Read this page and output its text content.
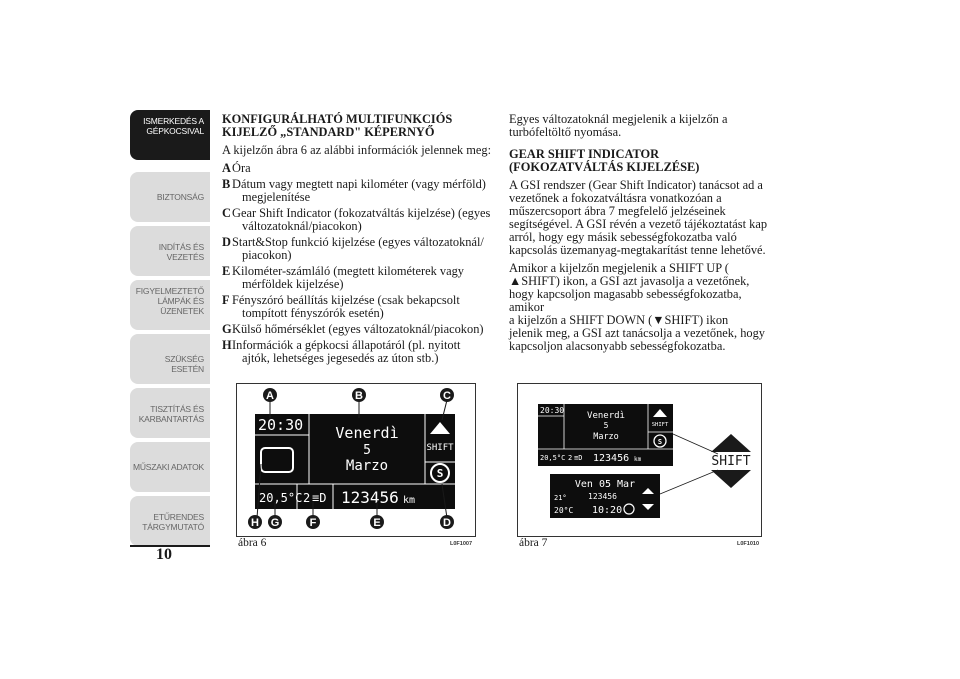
ISMERKEDÉS A
GÉPKOCSIVAL
BIZTONSÁG
INDÍTÁS ÉS
VEZETÉS
FIGYELMEZTETŐ
LÁMPÁK ÉS
ÜZENETEK
SZÜKSÉG ESETÉN
TISZTÍTÁS ÉS
KARBANTARTÁS
MŰSZAKI ADATOK
ETŰRENDES
TÁRGYMUTATÓ
10
KONFIGURÁLHATÓ MULTIFUNKCIÓS
KIJELZŐ „STANDARD" KÉPERNYŐ

A kijelzőn ábra 6 az alábbi információk jelennek meg:

A Óra
B Dátum vagy megtett napi kilométer (vagy mérföld)
megjelenítése
C Gear Shift Indicator (fokozatváltás kijelzése) (egyes
változatoknál/piacokon)
D Start&Stop funkció kijelzése (egyes változatoknál/
piacokon)
E Kilométer-számláló (megtett kilométerek vagy
mérföldek kijelzése)
F Fényszóró beállítás kijelzése (csak bekapcsolt
tompított fényszórók esetén)
G Külső hőmérséklet (egyes változatoknál/piacokon)
H Információk a gépkocsi állapotáról (pl. nyitott
ajtók, lehetséges jegesedés az úton stb.)

Egyes változatoknál megjelenik a kijelzőn a
turbófeltöltő nyomása.

GEAR SHIFT INDICATOR
(FOKOZATVÁLTÁS KIJELZÉSE)

A GSI rendszer (Gear Shift Indicator) tanácsot ad a
vezetőnek a fokozatváltásra vonatkozóan a
műszercsoport ábra 7 megfelelő jelzéseinek
segítségével. A GSI révén a vezető tájékoztatást kap
arról, hogy egy másik sebességfokozatba való
kapcsolás üzemanyag-megtakarítást tenne lehetővé.

Amikor a kijelzőn megjelenik a SHIFT UP (
▲SHIFT) ikon, a GSI azt javasolja a vezetőnek,
hogy kapcsoljon magasabb sebességfokozatba, amikor
a kijelzőn a SHIFT DOWN (▼SHIFT) ikon
jelenik meg, a GSI azt tanácsolja a vezetőnek, hogy
kapcsoljon alacsonyabb sebességfokozatba.

20:30 Venerdì
5
Marzo
SHIFT
S
20,5°C 2 ≡D 123456 km
A	B	C
D
E
F
G
H
ábra 6	L0F1007
20:30
Venerdì
5
Marzo
SHIFT
S
20,5°C 2 ≡D 123456 km
Ven 05 Mar
21°	123456
20°C 10:20
SHIFT
ábra 7	L0F1010
